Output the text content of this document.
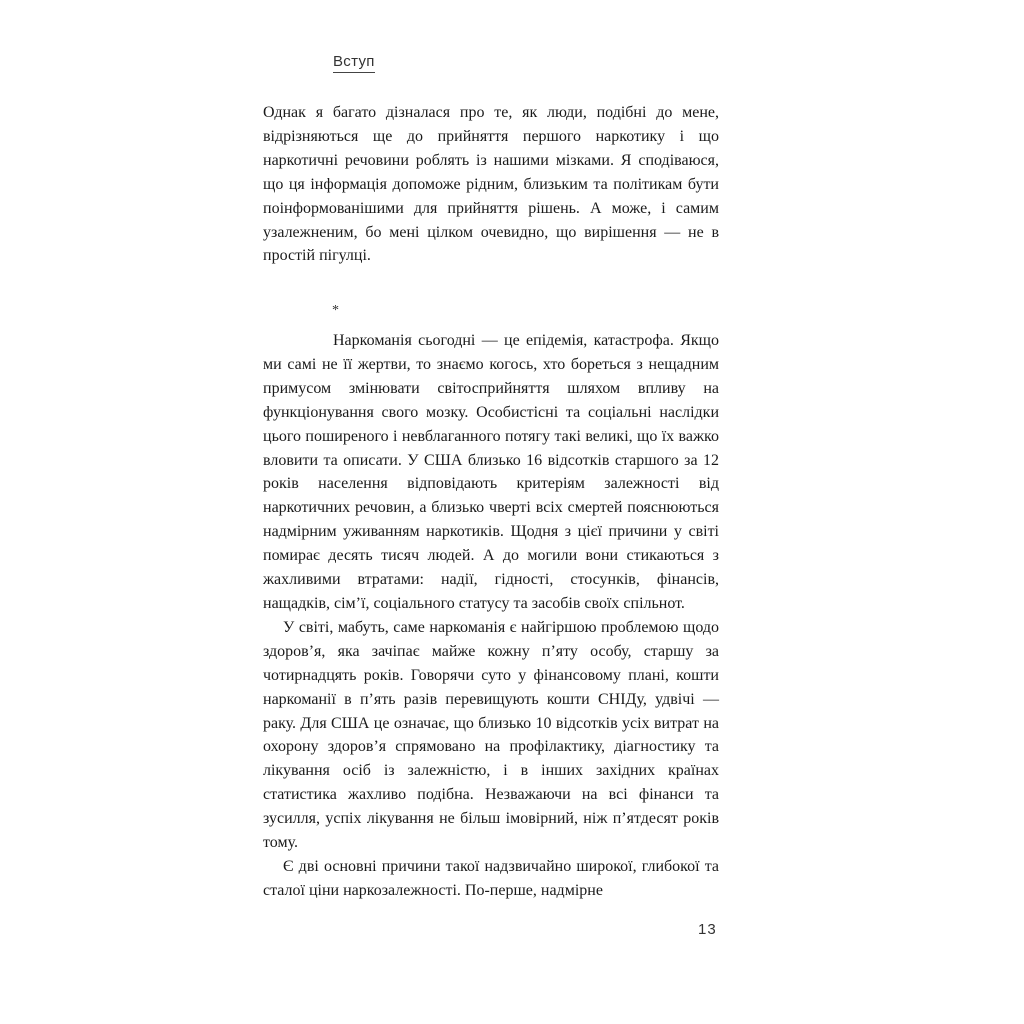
Вступ

Однак я багато дізналася про те, як люди, подібні до мене, відрізняються ще до прийняття першого наркотику і що наркотичні речовини роблять із нашими мізками. Я сподіваюся, що ця інформація допоможе рідним, близьким та політикам бути поінформованішими для прийняття рішень. А може, і самим узалежненим, бо мені цілком очевидно, що вирішення — не в простій пігулці.

*

Наркоманія сьогодні — це епідемія, катастрофа. Якщо ми самі не її жертви, то знаємо когось, хто бореться з нещадним примусом змінювати світосприйняття шляхом впливу на функціонування свого мозку. Особистісні та соціальні наслідки цього поширеного і невблаганного потягу такі великі, що їх важко вловити та описати. У США близько 16 відсотків старшого за 12 років населення відповідають критеріям залежності від наркотичних речовин, а близько чверті всіх смертей пояснюються надмірним уживанням наркотиків. Щодня з цієї причини у світі помирає десять тисяч людей. А до могили вони стикаються з жахливими втратами: надії, гідності, стосунків, фінансів, нащадків, сім’ї, соціального статусу та засобів своїх спільнот.

У світі, мабуть, саме наркоманія є найгіршою проблемою щодо здоров’я, яка зачіпає майже кожну п’яту особу, старшу за чотирнадцять років. Говорячи суто у фінансовому плані, кошти наркоманії в п’ять разів перевищують кошти СНІДу, удвічі — раку. Для США це означає, що близько 10 відсотків усіх витрат на охорону здоров’я спрямовано на профілактику, діагностику та лікування осіб із залежністю, і в інших західних країнах статистика жахливо подібна. Незважаючи на всі фінанси та зусилля, успіх лікування не більш імовірний, ніж п’ятдесят років тому.

Є дві основні причини такої надзвичайно широкої, глибокої та сталої ціни наркозалежності. По-перше, надмірне

13
